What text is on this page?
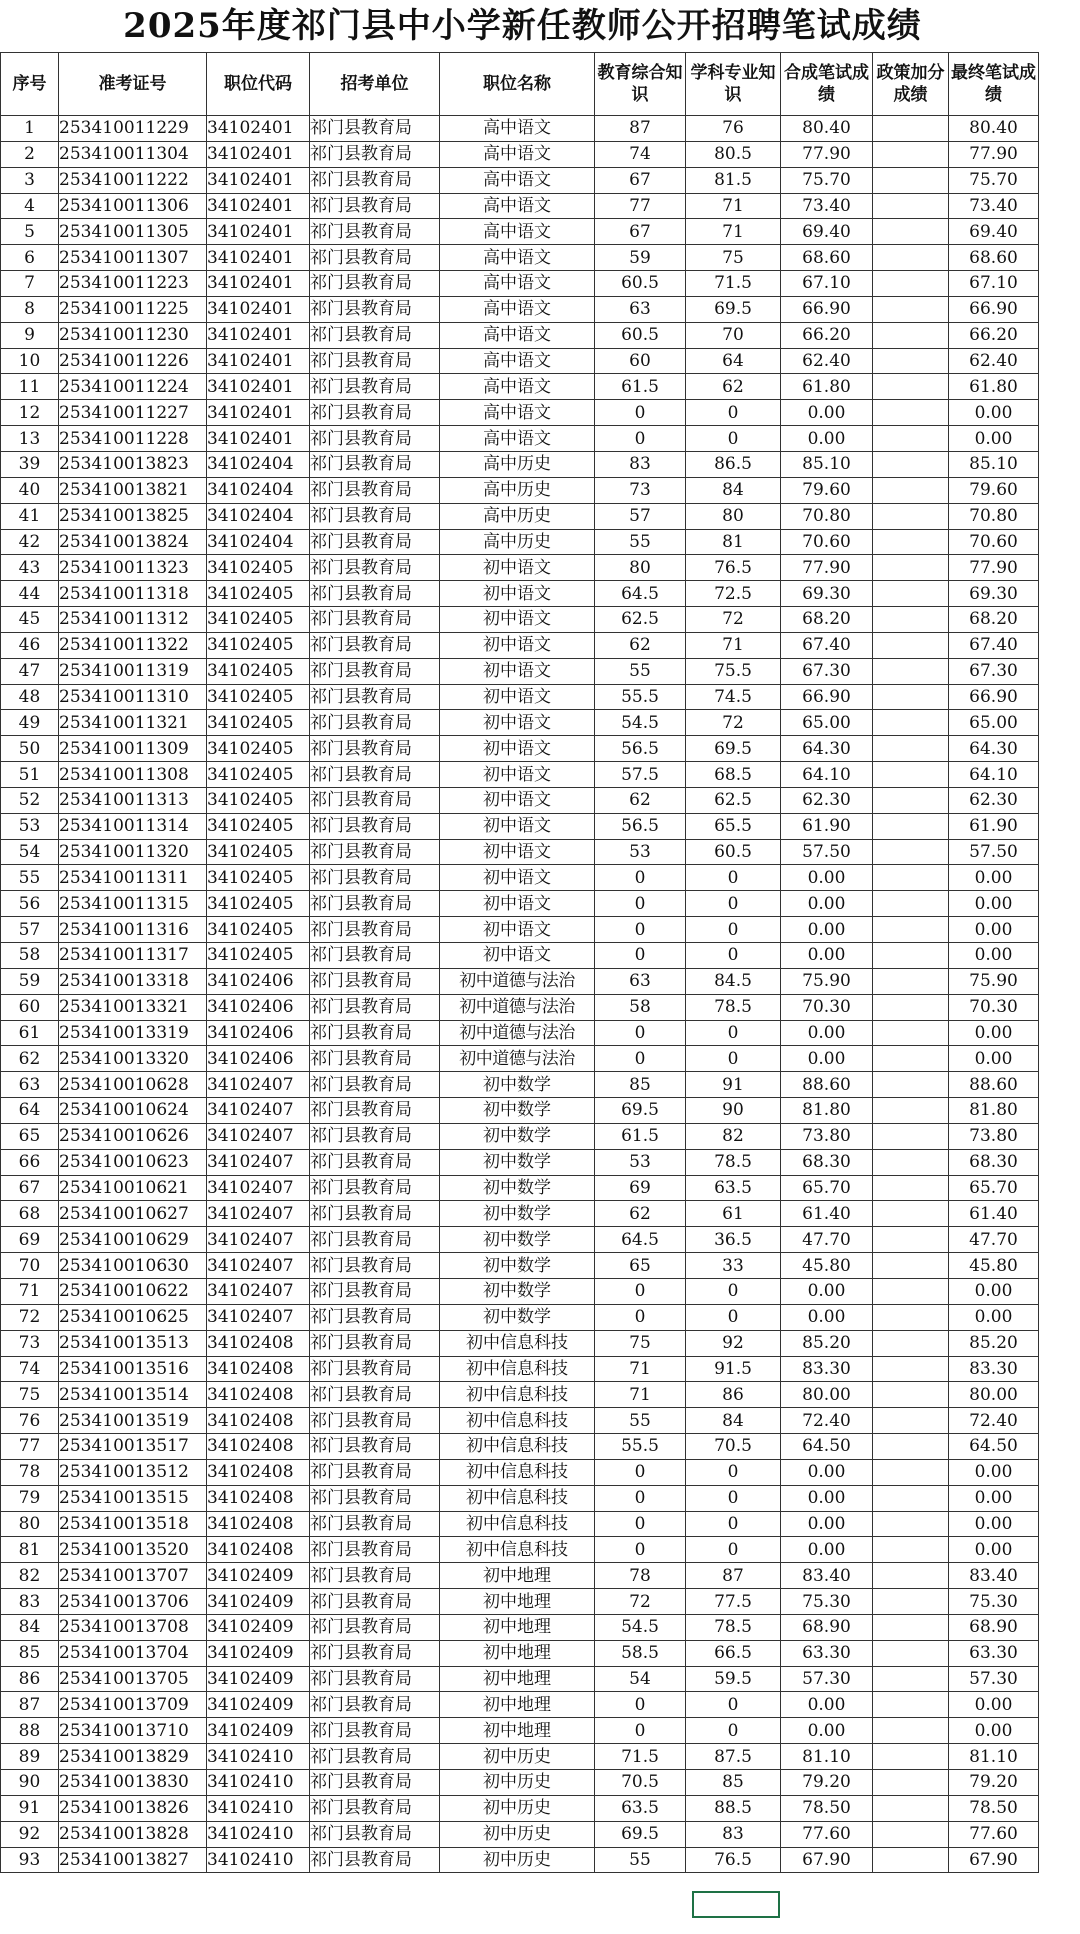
2025年度祁门县中小学新任教师公开招聘笔试成绩
序号	准考证号	职位代码	招考单位	职位名称	教育综合知识	学科专业知识	合成笔试成绩	政策加分成绩	最终笔试成绩
1	253410011229	34102401	祁门县教育局	高中语文	87	76	80.40		80.40
2	253410011304	34102401	祁门县教育局	高中语文	74	80.5	77.90		77.90
3	253410011222	34102401	祁门县教育局	高中语文	67	81.5	75.70		75.70
4	253410011306	34102401	祁门县教育局	高中语文	77	71	73.40		73.40
5	253410011305	34102401	祁门县教育局	高中语文	67	71	69.40		69.40
6	253410011307	34102401	祁门县教育局	高中语文	59	75	68.60		68.60
7	253410011223	34102401	祁门县教育局	高中语文	60.5	71.5	67.10		67.10
8	253410011225	34102401	祁门县教育局	高中语文	63	69.5	66.90		66.90
9	253410011230	34102401	祁门县教育局	高中语文	60.5	70	66.20		66.20
10	253410011226	34102401	祁门县教育局	高中语文	60	64	62.40		62.40
11	253410011224	34102401	祁门县教育局	高中语文	61.5	62	61.80		61.80
12	253410011227	34102401	祁门县教育局	高中语文	0	0	0.00		0.00
13	253410011228	34102401	祁门县教育局	高中语文	0	0	0.00		0.00
39	253410013823	34102404	祁门县教育局	高中历史	83	86.5	85.10		85.10
40	253410013821	34102404	祁门县教育局	高中历史	73	84	79.60		79.60
41	253410013825	34102404	祁门县教育局	高中历史	57	80	70.80		70.80
42	253410013824	34102404	祁门县教育局	高中历史	55	81	70.60		70.60
43	253410011323	34102405	祁门县教育局	初中语文	80	76.5	77.90		77.90
44	253410011318	34102405	祁门县教育局	初中语文	64.5	72.5	69.30		69.30
45	253410011312	34102405	祁门县教育局	初中语文	62.5	72	68.20		68.20
46	253410011322	34102405	祁门县教育局	初中语文	62	71	67.40		67.40
47	253410011319	34102405	祁门县教育局	初中语文	55	75.5	67.30		67.30
48	253410011310	34102405	祁门县教育局	初中语文	55.5	74.5	66.90		66.90
49	253410011321	34102405	祁门县教育局	初中语文	54.5	72	65.00		65.00
50	253410011309	34102405	祁门县教育局	初中语文	56.5	69.5	64.30		64.30
51	253410011308	34102405	祁门县教育局	初中语文	57.5	68.5	64.10		64.10
52	253410011313	34102405	祁门县教育局	初中语文	62	62.5	62.30		62.30
53	253410011314	34102405	祁门县教育局	初中语文	56.5	65.5	61.90		61.90
54	253410011320	34102405	祁门县教育局	初中语文	53	60.5	57.50		57.50
55	253410011311	34102405	祁门县教育局	初中语文	0	0	0.00		0.00
56	253410011315	34102405	祁门县教育局	初中语文	0	0	0.00		0.00
57	253410011316	34102405	祁门县教育局	初中语文	0	0	0.00		0.00
58	253410011317	34102405	祁门县教育局	初中语文	0	0	0.00		0.00
59	253410013318	34102406	祁门县教育局	初中道德与法治	63	84.5	75.90		75.90
60	253410013321	34102406	祁门县教育局	初中道德与法治	58	78.5	70.30		70.30
61	253410013319	34102406	祁门县教育局	初中道德与法治	0	0	0.00		0.00
62	253410013320	34102406	祁门县教育局	初中道德与法治	0	0	0.00		0.00
63	253410010628	34102407	祁门县教育局	初中数学	85	91	88.60		88.60
64	253410010624	34102407	祁门县教育局	初中数学	69.5	90	81.80		81.80
65	253410010626	34102407	祁门县教育局	初中数学	61.5	82	73.80		73.80
66	253410010623	34102407	祁门县教育局	初中数学	53	78.5	68.30		68.30
67	253410010621	34102407	祁门县教育局	初中数学	69	63.5	65.70		65.70
68	253410010627	34102407	祁门县教育局	初中数学	62	61	61.40		61.40
69	253410010629	34102407	祁门县教育局	初中数学	64.5	36.5	47.70		47.70
70	253410010630	34102407	祁门县教育局	初中数学	65	33	45.80		45.80
71	253410010622	34102407	祁门县教育局	初中数学	0	0	0.00		0.00
72	253410010625	34102407	祁门县教育局	初中数学	0	0	0.00		0.00
73	253410013513	34102408	祁门县教育局	初中信息科技	75	92	85.20		85.20
74	253410013516	34102408	祁门县教育局	初中信息科技	71	91.5	83.30		83.30
75	253410013514	34102408	祁门县教育局	初中信息科技	71	86	80.00		80.00
76	253410013519	34102408	祁门县教育局	初中信息科技	55	84	72.40		72.40
77	253410013517	34102408	祁门县教育局	初中信息科技	55.5	70.5	64.50		64.50
78	253410013512	34102408	祁门县教育局	初中信息科技	0	0	0.00		0.00
79	253410013515	34102408	祁门县教育局	初中信息科技	0	0	0.00		0.00
80	253410013518	34102408	祁门县教育局	初中信息科技	0	0	0.00		0.00
81	253410013520	34102408	祁门县教育局	初中信息科技	0	0	0.00		0.00
82	253410013707	34102409	祁门县教育局	初中地理	78	87	83.40		83.40
83	253410013706	34102409	祁门县教育局	初中地理	72	77.5	75.30		75.30
84	253410013708	34102409	祁门县教育局	初中地理	54.5	78.5	68.90		68.90
85	253410013704	34102409	祁门县教育局	初中地理	58.5	66.5	63.30		63.30
86	253410013705	34102409	祁门县教育局	初中地理	54	59.5	57.30		57.30
87	253410013709	34102409	祁门县教育局	初中地理	0	0	0.00		0.00
88	253410013710	34102409	祁门县教育局	初中地理	0	0	0.00		0.00
89	253410013829	34102410	祁门县教育局	初中历史	71.5	87.5	81.10		81.10
90	253410013830	34102410	祁门县教育局	初中历史	70.5	85	79.20		79.20
91	253410013826	34102410	祁门县教育局	初中历史	63.5	88.5	78.50		78.50
92	253410013828	34102410	祁门县教育局	初中历史	69.5	83	77.60		77.60
93	253410013827	34102410	祁门县教育局	初中历史	55	76.5	67.90		67.90
